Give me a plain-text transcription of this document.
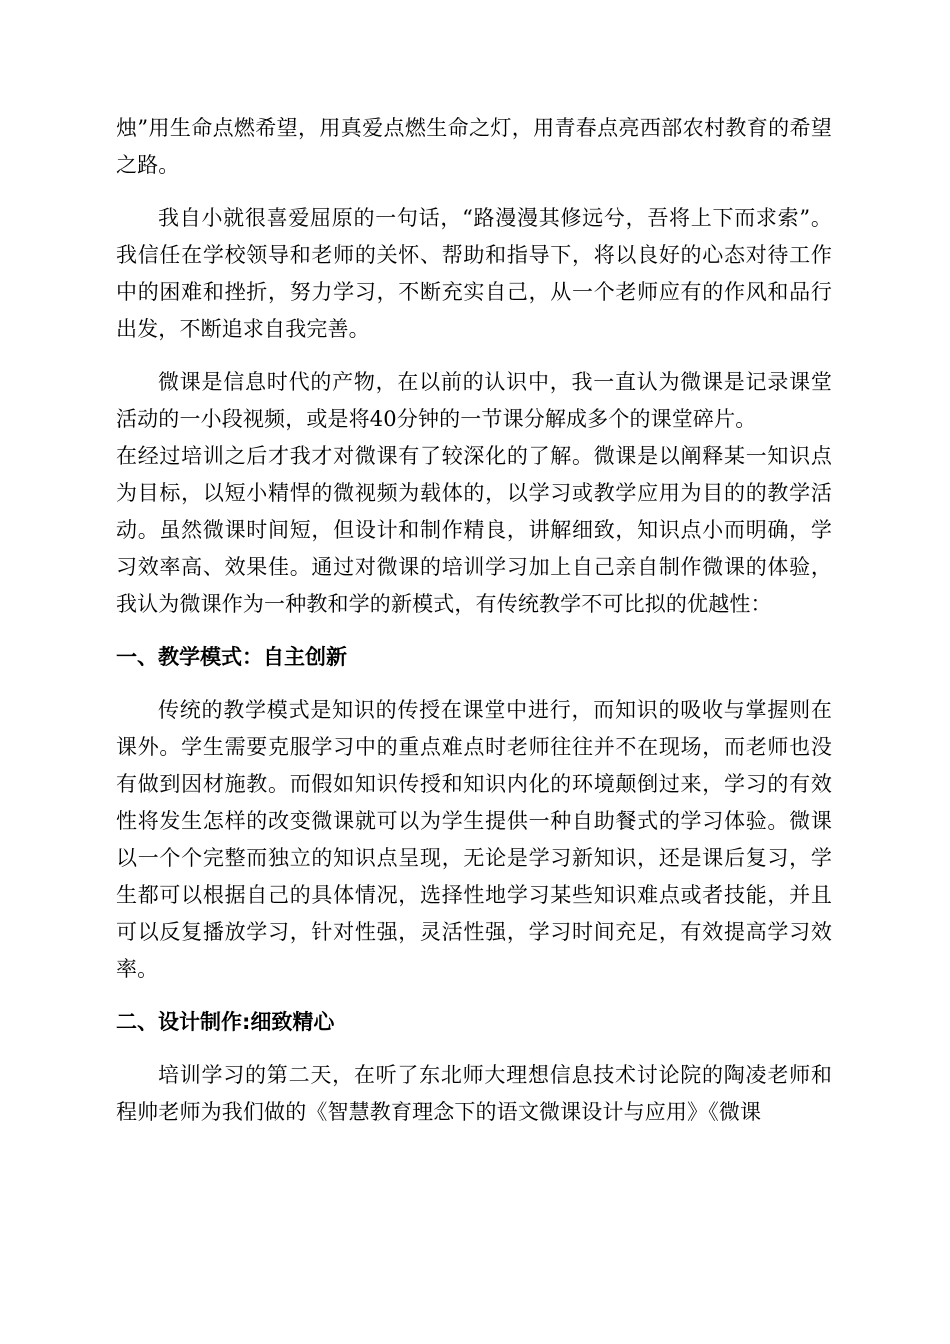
烛”用生命点燃希望，用真爱点燃生命之灯，用青春点亮西部农村教育的希望之路。

我自小就很喜爱屈原的一句话，“路漫漫其修远兮，吾将上下而求索”。我信任在学校领导和老师的关怀、帮助和指导下，将以良好的心态对待工作中的困难和挫折，努力学习，不断充实自己，从一个老师应有的作风和品行出发，不断追求自我完善。

微课是信息时代的产物，在以前的认识中，我一直认为微课是记录课堂活动的一小段视频，或是将40分钟的一节课分解成多个的课堂碎片。

在经过培训之后才我才对微课有了较深化的了解。微课是以阐释某一知识点为目标，以短小精悍的微视频为载体的，以学习或教学应用为目的的教学活动。虽然微课时间短，但设计和制作精良，讲解细致，知识点小而明确，学习效率高、效果佳。通过对微课的培训学习加上自己亲自制作微课的体验，我认为微课作为一种教和学的新模式，有传统教学不可比拟的优越性：

一、教学模式：自主创新

传统的教学模式是知识的传授在课堂中进行，而知识的吸收与掌握则在课外。学生需要克服学习中的重点难点时老师往往并不在现场，而老师也没有做到因材施教。而假如知识传授和知识内化的环境颠倒过来，学习的有效性将发生怎样的改变微课就可以为学生提供一种自助餐式的学习体验。微课以一个个完整而独立的知识点呈现，无论是学习新知识，还是课后复习，学生都可以根据自己的具体情况，选择性地学习某些知识难点或者技能，并且可以反复播放学习，针对性强，灵活性强，学习时间充足，有效提高学习效率。

二、设计制作:细致精心

培训学习的第二天，在听了东北师大理想信息技术讨论院的陶凌老师和程帅老师为我们做的《智慧教育理念下的语文微课设计与应用》《微课
